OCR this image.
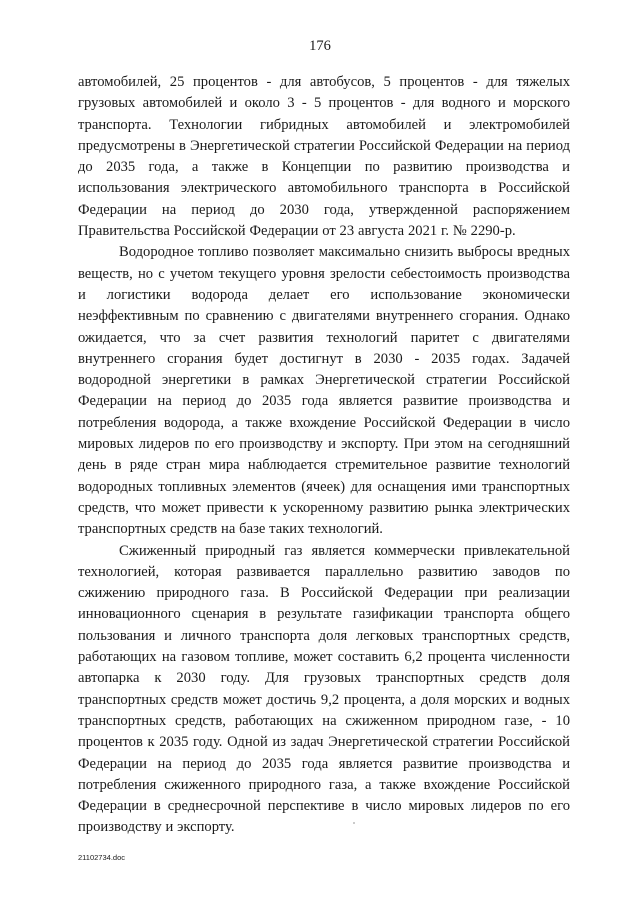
176

автомобилей, 25 процентов - для автобусов, 5 процентов - для тяжелых грузовых автомобилей и около 3 - 5 процентов - для водного и морского транспорта. Технологии гибридных автомобилей и электромобилей предусмотрены в Энергетической стратегии Российской Федерации на период до 2035 года, а также в Концепции по развитию производства и использования электрического автомобильного транспорта в Российской Федерации на период до 2030 года, утвержденной распоряжением Правительства Российской Федерации от 23 августа 2021 г. № 2290-р.

Водородное топливо позволяет максимально снизить выбросы вредных веществ, но с учетом текущего уровня зрелости себестоимость производства и логистики водорода делает его использование экономически неэффективным по сравнению с двигателями внутреннего сгорания. Однако ожидается, что за счет развития технологий паритет с двигателями внутреннего сгорания будет достигнут в 2030 - 2035 годах. Задачей водородной энергетики в рамках Энергетической стратегии Российской Федерации на период до 2035 года является развитие производства и потребления водорода, а также вхождение Российской Федерации в число мировых лидеров по его производству и экспорту. При этом на сегодняшний день в ряде стран мира наблюдается стремительное развитие технологий водородных топливных элементов (ячеек) для оснащения ими транспортных средств, что может привести к ускоренному развитию рынка электрических транспортных средств на базе таких технологий.

Сжиженный природный газ является коммерчески привлекательной технологией, которая развивается параллельно развитию заводов по сжижению природного газа. В Российской Федерации при реализации инновационного сценария в результате газификации транспорта общего пользования и личного транспорта доля легковых транспортных средств, работающих на газовом топливе, может составить 6,2 процента численности автопарка к 2030 году. Для грузовых транспортных средств доля транспортных средств может достичь 9,2 процента, а доля морских и водных транспортных средств, работающих на сжиженном природном газе, - 10 процентов к 2035 году. Одной из задач Энергетической стратегии Российской Федерации на период до 2035 года является развитие производства и потребления сжиженного природного газа, а также вхождение Российской Федерации в среднесрочной перспективе в число мировых лидеров по его производству и экспорту.

21102734.doc
